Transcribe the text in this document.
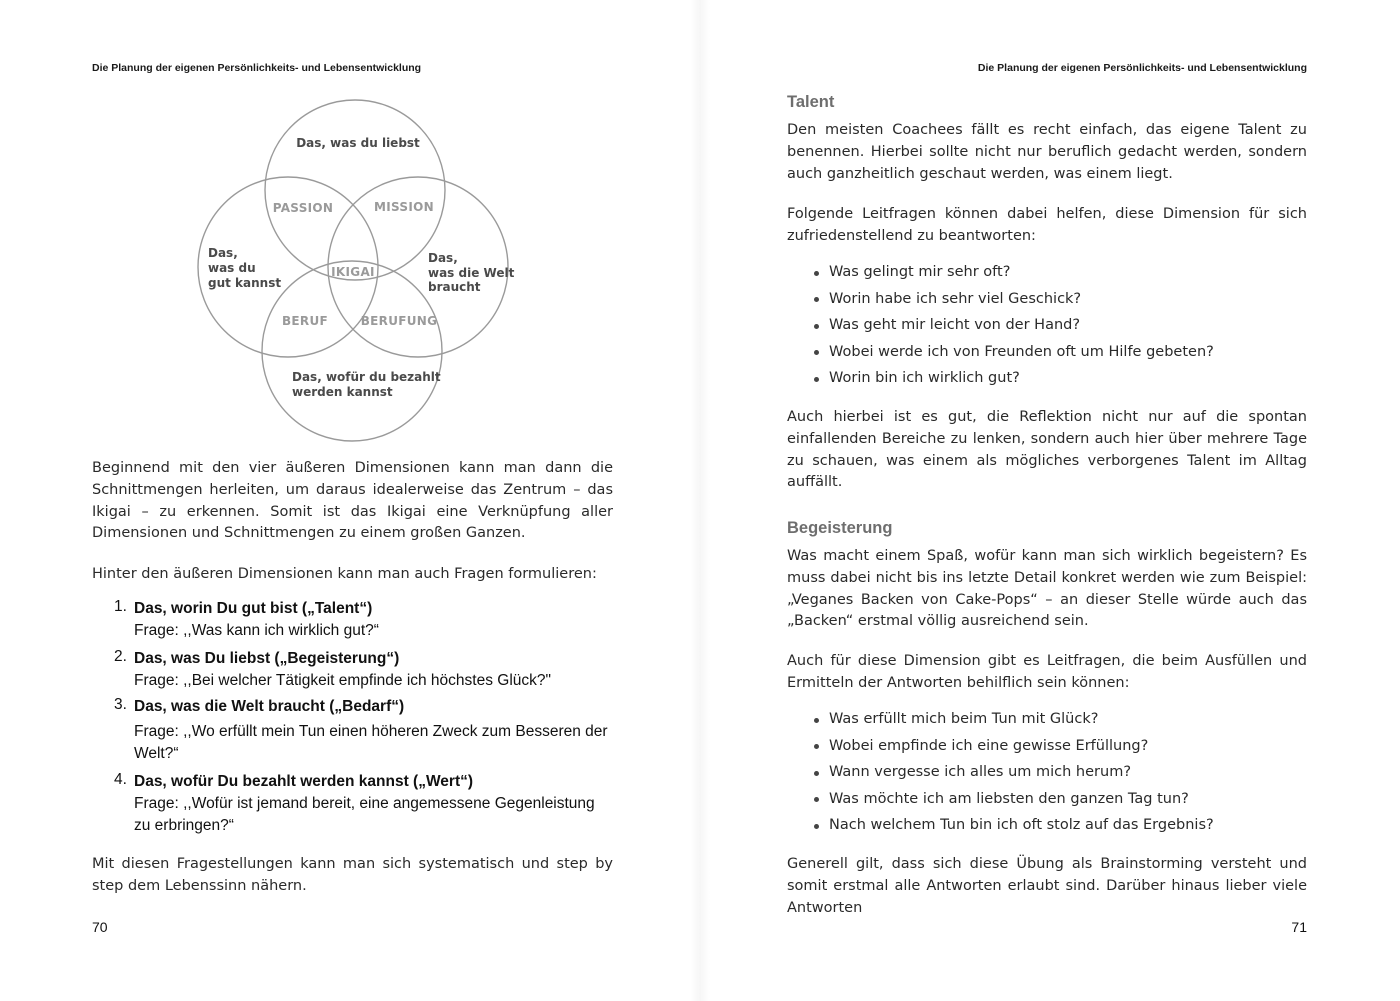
Die Planung der eigenen Persönlichkeits- und Lebensentwicklung

Das, was du liebst
Das,
was du
gut kannst
Das,
was die Welt
braucht
Das, wofür du bezahlt
werden kannst
PASSION	MISSION
IKIGAI
BERUF	BERUFUNG

Beginnend mit den vier äußeren Dimensionen kann man dann die Schnittmengen herleiten, um daraus idealerweise das Zentrum – das Ikigai – zu erkennen. Somit ist das Ikigai eine Verknüpfung aller Dimensionen und Schnittmengen zu einem großen Ganzen.

Hinter den äußeren Dimensionen kann man auch Fragen formulieren:

1. Das, worin Du gut bist („Talent“)
Frage: ,,Was kann ich wirklich gut?“
2. Das, was Du liebst („Begeisterung“)
Frage: ,,Bei welcher Tätigkeit empfinde ich höchstes Glück?"
3. Das, was die Welt braucht („Bedarf“)
Frage: ,,Wo erfüllt mein Tun einen höheren Zweck zum Besseren der Welt?“
4. Das, wofür Du bezahlt werden kannst („Wert“)
Frage: ,,Wofür ist jemand bereit, eine angemessene Gegenleistung zu erbringen?“

Mit diesen Fragestellungen kann man sich systematisch und step by step dem Lebenssinn nähern.

70

Die Planung der eigenen Persönlichkeits- und Lebensentwicklung

Talent

Den meisten Coachees fällt es recht einfach, das eigene Talent zu benennen. Hierbei sollte nicht nur beruflich gedacht werden, sondern auch ganzheitlich geschaut werden, was einem liegt.

Folgende Leitfragen können dabei helfen, diese Dimension für sich zufriedenstellend zu beantworten:

Was gelingt mir sehr oft?
Worin habe ich sehr viel Geschick?
Was geht mir leicht von der Hand?
Wobei werde ich von Freunden oft um Hilfe gebeten?
Worin bin ich wirklich gut?

Auch hierbei ist es gut, die Reflektion nicht nur auf die spontan einfallenden Bereiche zu lenken, sondern auch hier über mehrere Tage zu schauen, was einem als mögliches verborgenes Talent im Alltag auffällt.

Begeisterung

Was macht einem Spaß, wofür kann man sich wirklich begeistern? Es muss dabei nicht bis ins letzte Detail konkret werden wie zum Beispiel: „Veganes Backen von Cake-Pops“ – an dieser Stelle würde auch das „Backen“ erstmal völlig ausreichend sein.

Auch für diese Dimension gibt es Leitfragen, die beim Ausfüllen und Ermitteln der Antworten behilflich sein können:

Was erfüllt mich beim Tun mit Glück?
Wobei empfinde ich eine gewisse Erfüllung?
Wann vergesse ich alles um mich herum?
Was möchte ich am liebsten den ganzen Tag tun?
Nach welchem Tun bin ich oft stolz auf das Ergebnis?

Generell gilt, dass sich diese Übung als Brainstorming versteht und somit erstmal alle Antworten erlaubt sind. Darüber hinaus lieber viele Antworten

71
